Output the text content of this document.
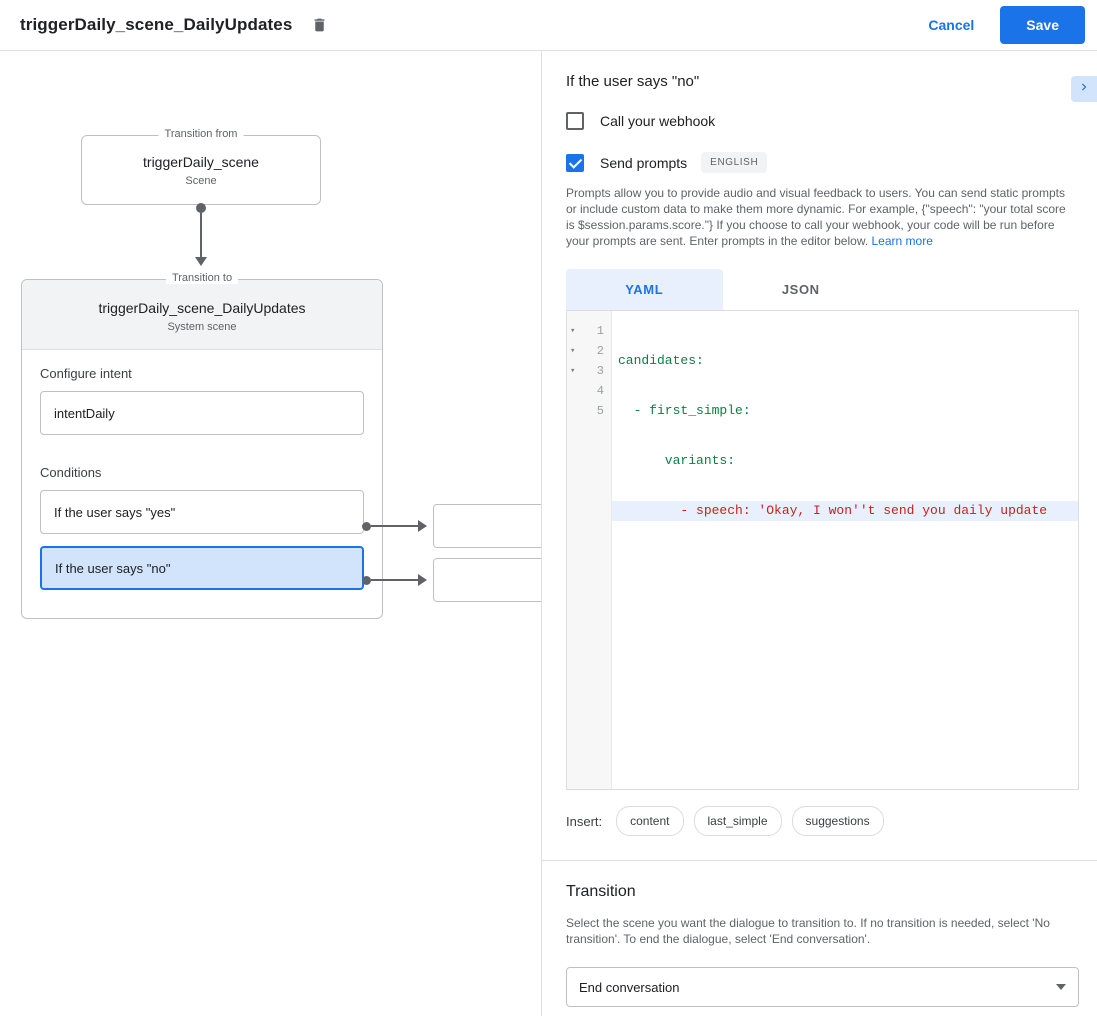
triggerDaily_scene_DailyUpdates	Cancel	Save
Transition from
triggerDaily_scene
Scene
Transition to
triggerDaily_scene_DailyUpdates
System scene
Configure intent
intentDaily
Conditions
If the user says "yes"
If the user says "no"
If the user says "no"
Call your webhook
Send prompts	ENGLISH
Prompts allow you to provide audio and visual feedback to users. You can send static prompts or include custom data to make them more dynamic. For example, {"speech": "your total score is $session.params.score."} If you choose to call your webhook, your code will be run before your prompts are sent. Enter prompts in the editor below. Learn more
YAML	JSON
▾ 1
▾ 2
▾ 3
4
5

candidates:

- first_simple:

variants:

- speech: 'Okay, I won''t send you daily update

Insert:	content	last_simple	suggestions
Transition
Select the scene you want the dialogue to transition to. If no transition is needed, select 'No transition'. To end the dialogue, select 'End conversation'.
End conversation
